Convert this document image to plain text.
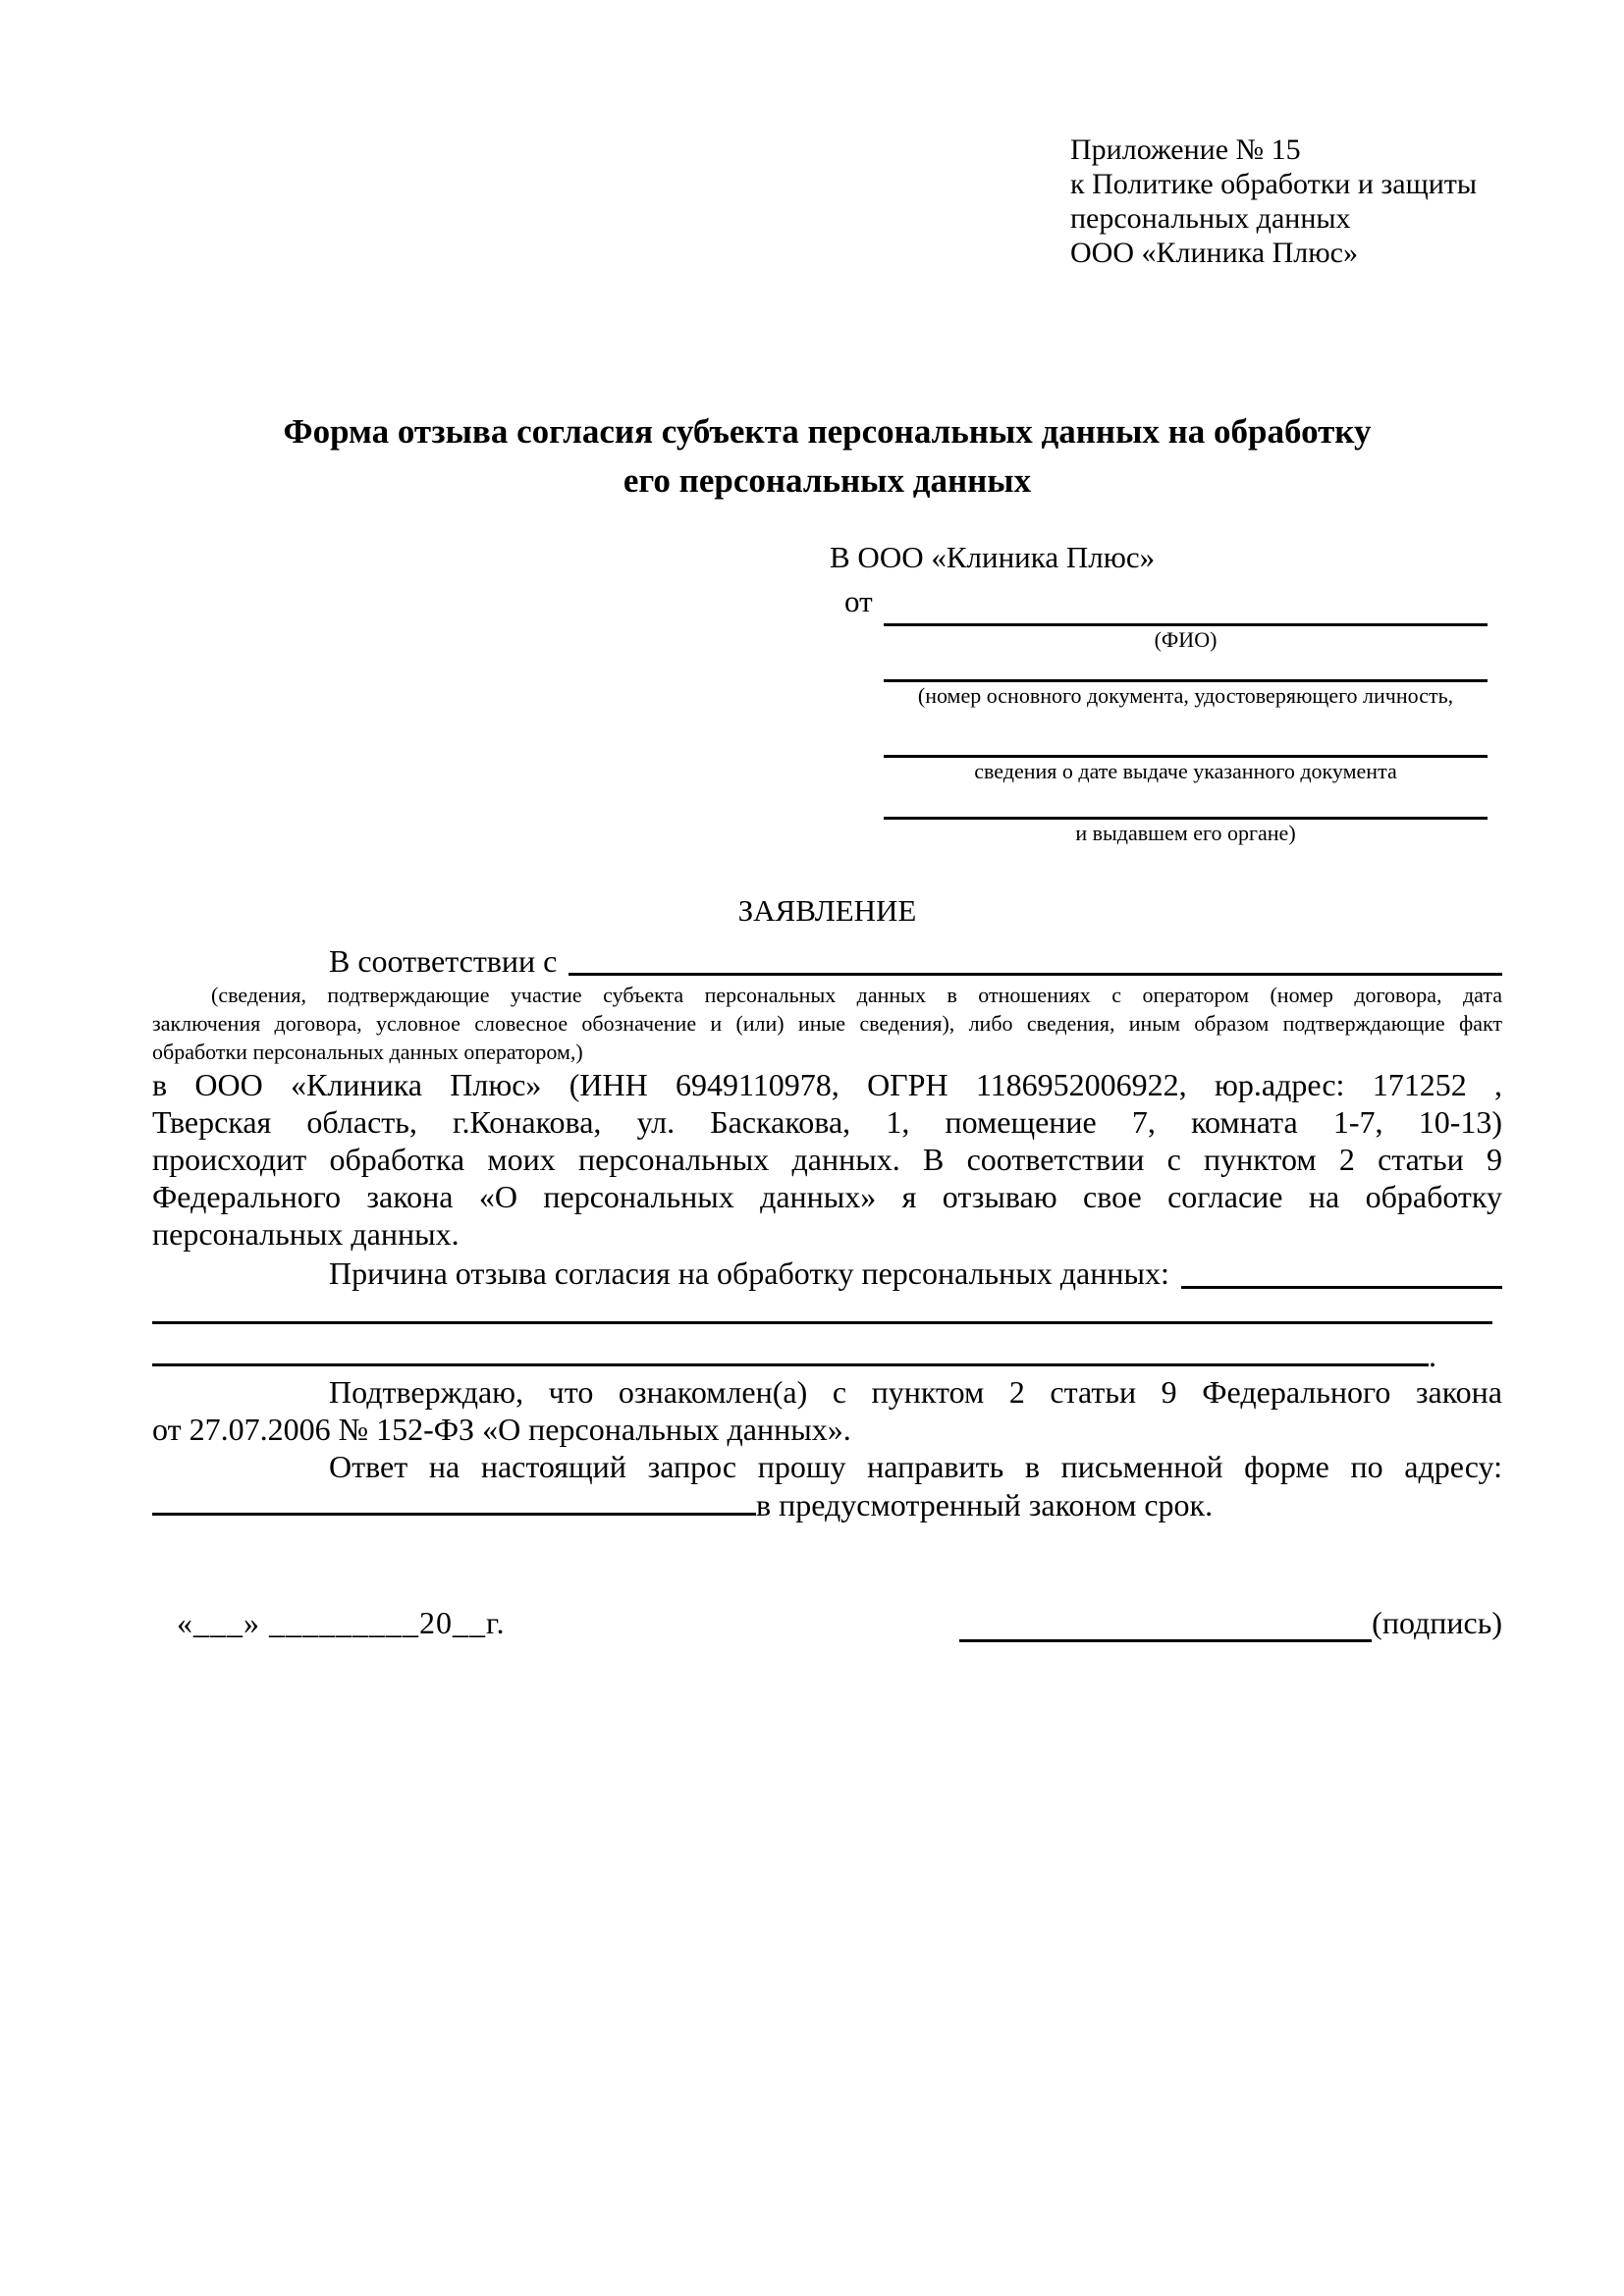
Приложение № 15
к Политике обработки и защиты
персональных данных
ООО «Клиника Плюс»
Форма отзыва согласия субъекта персональных данных на обработку
его персональных данных
В ООО «Клиника Плюс»
от
(ФИО)
(номер основного документа, удостоверяющего личность,
сведения о дате выдаче указанного документа
и выдавшем его органе)
ЗАЯВЛЕНИЕ
В соответствии с
(сведения, подтверждающие участие субъекта персональных данных в отношениях с оператором (номер договора, дата
заключения договора, условное словесное обозначение и (или) иные сведения), либо сведения, иным образом подтверждающие факт
обработки персональных данных оператором,)
в ООО «Клиника Плюс» (ИНН 6949110978, ОГРН 1186952006922, юр.адрес: 171252 ,
Тверская область, г.Конакова, ул. Баскакова, 1, помещение 7, комната 1-7, 10-13)
происходит обработка моих персональных данных. В соответствии с пунктом 2 статьи 9
Федерального закона «О персональных данных» я отзываю свое согласие на обработку
персональных данных.
Причина отзыва согласия на обработку персональных данных:
.
Подтверждаю, что ознакомлен(а) с пунктом 2 статьи 9 Федерального закона
от 27.07.2006 № 152-ФЗ «О персональных данных».
Ответ на настоящий запрос прошу направить в письменной форме по адресу:
в предусмотренный законом срок.
«___» _________20__г.	(подпись)
